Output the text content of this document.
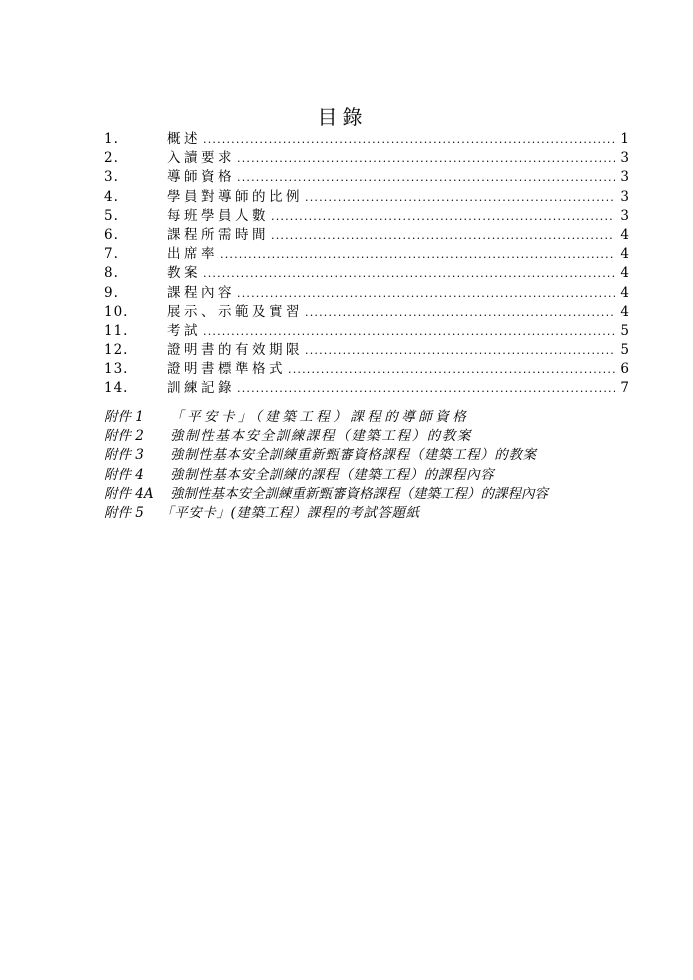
目錄
1.	概述 .....	1
2.	入讀要求 .....	3
3.	導師資格 .....	3
4.	學員對導師的比例 .....	3
5.	每班學員人數 .....	3
6.	課程所需時間 .....	4
7.	出席率 .....	4
8.	教案 .....	4
9.	課程內容 .....	4
10.	展示、示範及實習 .....	4
11.	考試 .....	5
12.	證明書的有效期限 .....	5
13.	證明書標準格式 .....	6
14.	訓練記錄 .....	7
附件 1	「平安卡」（建築工程）課程的導師資格
附件 2	強制性基本安全訓練課程（建築工程）的教案
附件 3	強制性基本安全訓練重新甄審資格課程（建築工程）的教案
附件 4	強制性基本安全訓練的課程（建築工程）的課程內容
附件 4A	強制性基本安全訓練重新甄審資格課程（建築工程）的課程內容
附件 5	「平安卡」(建築工程）課程的考試答題紙
